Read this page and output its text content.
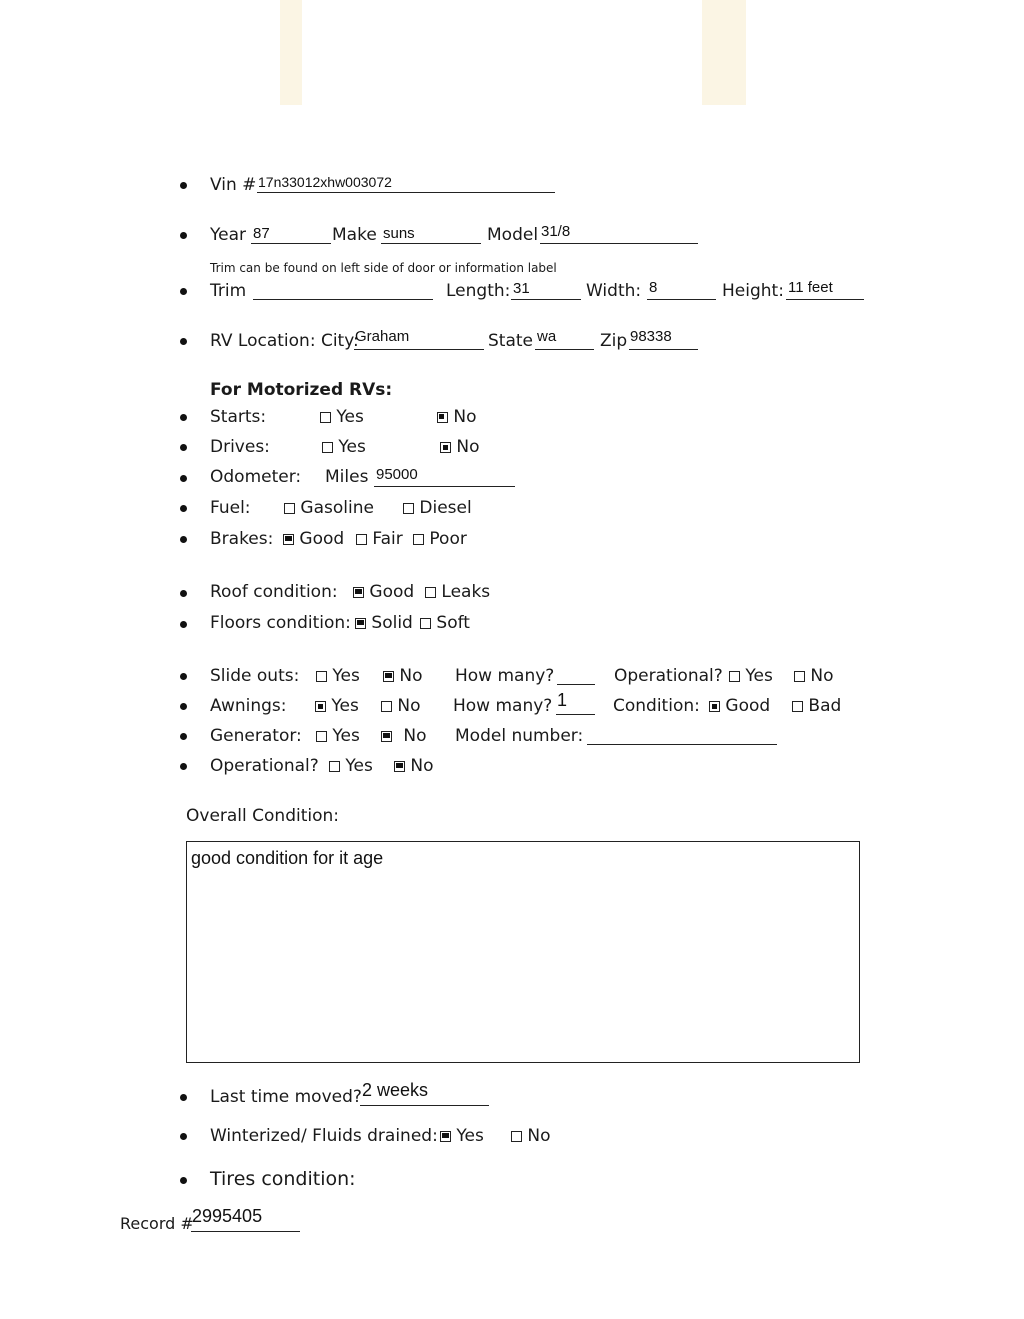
Vin # 17n33012xhw003072
Year 87	Make suns	Model 31/8
Trim can be found on left side of door or information label
Trim	Length: 31	Width: 8	Height: 11 feet
RV Location: City:
Graham	State wa	Zip 98338
For Motorized RVs:
Starts:	Yes	No
Drives:	Yes	No
Odometer: Miles 95000
Fuel:	Gasoline	Diesel
Brakes:	Good	Fair	Poor
Roof condition:	Good	Leaks
Floors condition:	Solid	Soft
Slide outs:	Yes	No How many?	Operational?	Yes	No
Awnings:	Yes	No How many? 1	Condition:	Good	Bad
Generator:	Yes	No Model number:
Operational?	Yes	No
Overall Condition:
good condition for it age
Last time moved? 2 weeks
Winterized/ Fluids drained:	Yes	No
Tires condition:
Record #
2995405
